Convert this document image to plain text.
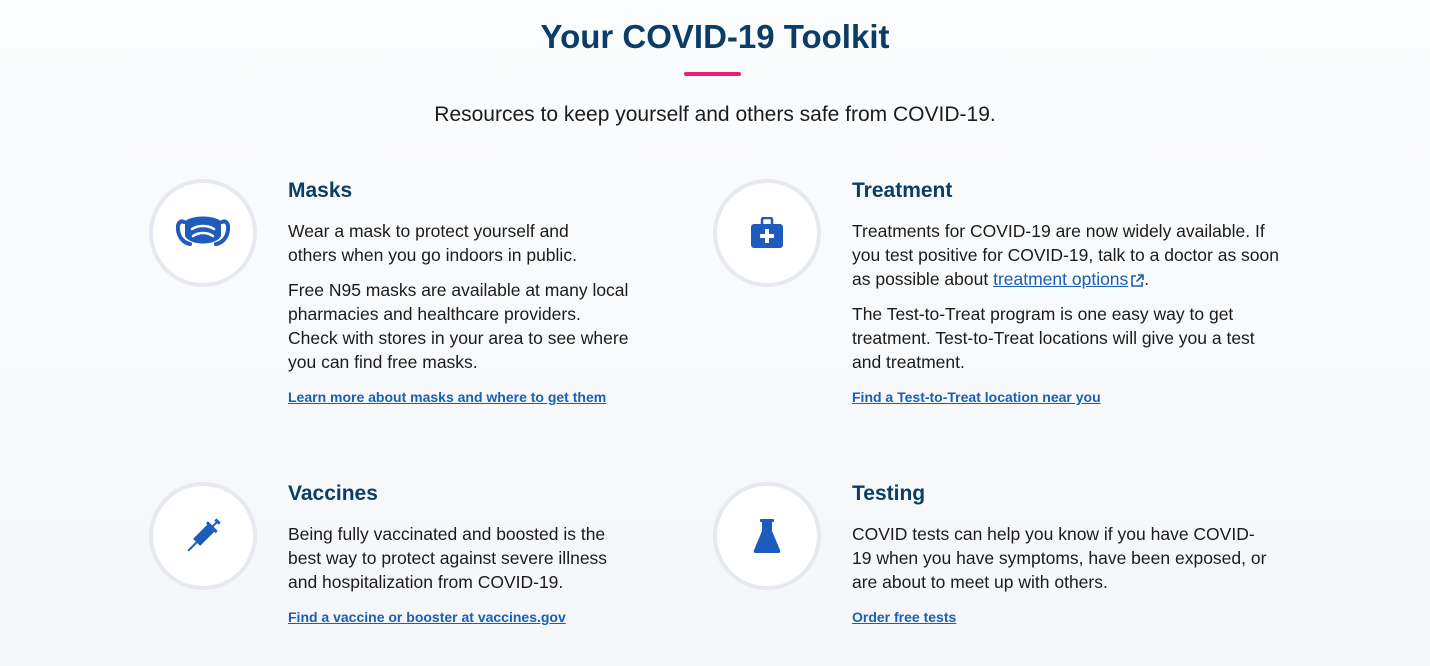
Your COVID-19 Toolkit

Resources to keep yourself and others safe from COVID-19.

Masks

Wear a mask to protect yourself and others when you go indoors in public.

Free N95 masks are available at many local pharmacies and healthcare providers. Check with stores in your area to see where you can find free masks.

Learn more about masks and where to get them
Treatment

Treatments for COVID-19 are now widely available. If you test positive for COVID-19, talk to a doctor as soon as possible about treatment options .

The Test-to-Treat program is one easy way to get treatment. Test-to-Treat locations will give you a test and treatment.

Find a Test-to-Treat location near you
Vaccines

Being fully vaccinated and boosted is the best way to protect against severe illness and hospitalization from COVID-19.

Find a vaccine or booster at vaccines.gov
Testing

COVID tests can help you know if you have COVID-19 when you have symptoms, have been exposed, or are about to meet up with others.

Order free tests
